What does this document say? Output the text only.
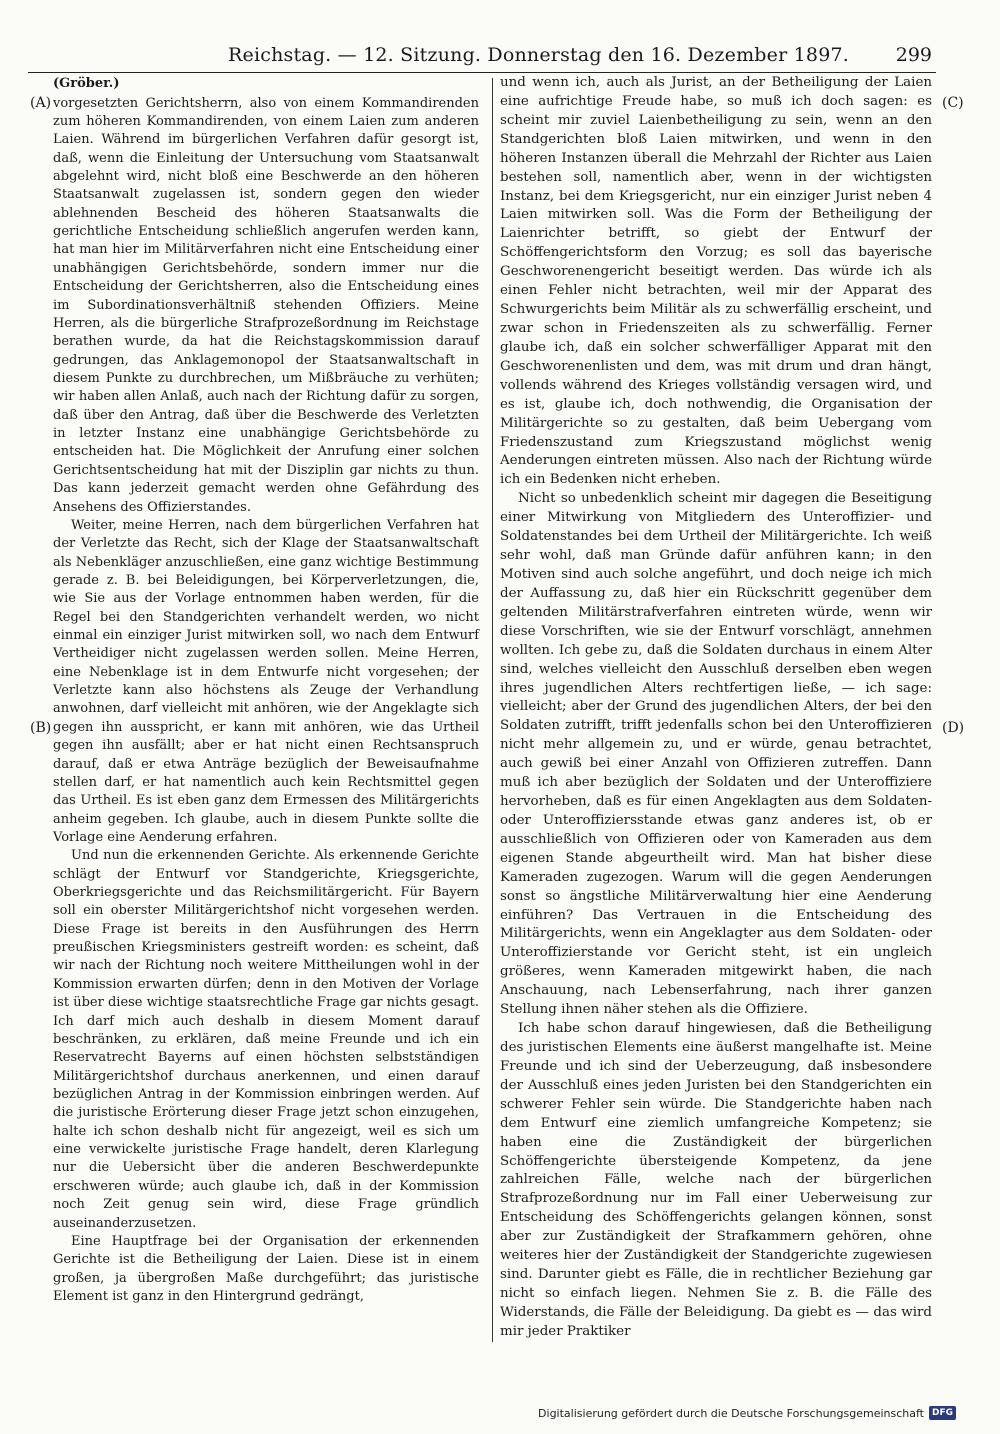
Reichstag. — 12. Sitzung. Donnerstag den 16. Dezember 1897. 299
(A)
(B)
(C)
(D)
(Gröber.)

vorgesetzten Gerichtsherrn, also von einem Kommandirenden zum höheren Kommandirenden, von einem Laien zum anderen Laien. Während im bürgerlichen Verfahren dafür gesorgt ist, daß, wenn die Einleitung der Untersuchung vom Staatsanwalt abgelehnt wird, nicht bloß eine Beschwerde an den höheren Staatsanwalt zugelassen ist, sondern gegen den wieder ablehnenden Bescheid des höheren Staatsanwalts die gerichtliche Entscheidung schließlich angerufen werden kann, hat man hier im Militärverfahren nicht eine Entscheidung einer unabhängigen Gerichtsbehörde, sondern immer nur die Entscheidung der Gerichtsherren, also die Entscheidung eines im Subordinationsverhältniß stehenden Offiziers. Meine Herren, als die bürgerliche Strafprozeßordnung im Reichstage berathen wurde, da hat die Reichstagskommission darauf gedrungen, das Anklagemonopol der Staatsanwaltschaft in diesem Punkte zu durchbrechen, um Mißbräuche zu verhüten; wir haben allen Anlaß, auch nach der Richtung dafür zu sorgen, daß über den Antrag, daß über die Beschwerde des Verletzten in letzter Instanz eine unabhängige Gerichtsbehörde zu entscheiden hat. Die Möglichkeit der Anrufung einer solchen Gerichtsentscheidung hat mit der Disziplin gar nichts zu thun. Das kann jederzeit gemacht werden ohne Gefährdung des Ansehens des Offizierstandes.

Weiter, meine Herren, nach dem bürgerlichen Verfahren hat der Verletzte das Recht, sich der Klage der Staatsanwaltschaft als Nebenkläger anzuschließen, eine ganz wichtige Bestimmung gerade z. B. bei Beleidigungen, bei Körperverletzungen, die, wie Sie aus der Vorlage entnommen haben werden, für die Regel bei den Standgerichten verhandelt werden, wo nicht einmal ein einziger Jurist mitwirken soll, wo nach dem Entwurf Vertheidiger nicht zugelassen werden sollen. Meine Herren, eine Nebenklage ist in dem Entwurfe nicht vorgesehen; der Verletzte kann also höchstens als Zeuge der Verhandlung anwohnen, darf vielleicht mit anhören, wie der Angeklagte sich gegen ihn ausspricht, er kann mit anhören, wie das Urtheil gegen ihn ausfällt; aber er hat nicht einen Rechtsanspruch darauf, daß er etwa Anträge bezüglich der Beweisaufnahme stellen darf, er hat namentlich auch kein Rechtsmittel gegen das Urtheil. Es ist eben ganz dem Ermessen des Militärgerichts anheim gegeben. Ich glaube, auch in diesem Punkte sollte die Vorlage eine Aenderung erfahren.

Und nun die erkennenden Gerichte. Als erkennende Gerichte schlägt der Entwurf vor Standgerichte, Kriegsgerichte, Oberkriegsgerichte und das Reichsmilitärgericht. Für Bayern soll ein oberster Militärgerichtshof nicht vorgesehen werden. Diese Frage ist bereits in den Ausführungen des Herrn preußischen Kriegsministers gestreift worden: es scheint, daß wir nach der Richtung noch weitere Mittheilungen wohl in der Kommission erwarten dürfen; denn in den Motiven der Vorlage ist über diese wichtige staatsrechtliche Frage gar nichts gesagt. Ich darf mich auch deshalb in diesem Moment darauf beschränken, zu erklären, daß meine Freunde und ich ein Reservatrecht Bayerns auf einen höchsten selbstständigen Militärgerichtshof durchaus anerkennen, und einen darauf bezüglichen Antrag in der Kommission einbringen werden. Auf die juristische Erörterung dieser Frage jetzt schon einzugehen, halte ich schon deshalb nicht für angezeigt, weil es sich um eine verwickelte juristische Frage handelt, deren Klarlegung nur die Uebersicht über die anderen Beschwerdepunkte erschweren würde; auch glaube ich, daß in der Kommission noch Zeit genug sein wird, diese Frage gründlich auseinanderzusetzen.

Eine Hauptfrage bei der Organisation der erkennenden Gerichte ist die Betheiligung der Laien. Diese ist in einem großen, ja übergroßen Maße durchgeführt; das juristische Element ist ganz in den Hintergrund gedrängt,

und wenn ich, auch als Jurist, an der Betheiligung der Laien eine aufrichtige Freude habe, so muß ich doch sagen: es scheint mir zuviel Laienbetheiligung zu sein, wenn an den Standgerichten bloß Laien mitwirken, und wenn in den höheren Instanzen überall die Mehrzahl der Richter aus Laien bestehen soll, namentlich aber, wenn in der wichtigsten Instanz, bei dem Kriegsgericht, nur ein einziger Jurist neben 4 Laien mitwirken soll. Was die Form der Betheiligung der Laienrichter betrifft, so giebt der Entwurf der Schöffengerichtsform den Vorzug; es soll das bayerische Geschworenengericht beseitigt werden. Das würde ich als einen Fehler nicht betrachten, weil mir der Apparat des Schwurgerichts beim Militär als zu schwerfällig erscheint, und zwar schon in Friedenszeiten als zu schwerfällig. Ferner glaube ich, daß ein solcher schwerfälliger Apparat mit den Geschworenenlisten und dem, was mit drum und dran hängt, vollends während des Krieges vollständig versagen wird, und es ist, glaube ich, doch nothwendig, die Organisation der Militärgerichte so zu gestalten, daß beim Uebergang vom Friedenszustand zum Kriegszustand möglichst wenig Aenderungen eintreten müssen. Also nach der Richtung würde ich ein Bedenken nicht erheben.

Nicht so unbedenklich scheint mir dagegen die Beseitigung einer Mitwirkung von Mitgliedern des Unteroffizier- und Soldatenstandes bei dem Urtheil der Militärgerichte. Ich weiß sehr wohl, daß man Gründe dafür anführen kann; in den Motiven sind auch solche angeführt, und doch neige ich mich der Auffassung zu, daß hier ein Rückschritt gegenüber dem geltenden Militärstrafverfahren eintreten würde, wenn wir diese Vorschriften, wie sie der Entwurf vorschlägt, annehmen wollten. Ich gebe zu, daß die Soldaten durchaus in einem Alter sind, welches vielleicht den Ausschluß derselben eben wegen ihres jugendlichen Alters rechtfertigen ließe, — ich sage: vielleicht; aber der Grund des jugendlichen Alters, der bei den Soldaten zutrifft, trifft jedenfalls schon bei den Unteroffizieren nicht mehr allgemein zu, und er würde, genau betrachtet, auch gewiß bei einer Anzahl von Offizieren zutreffen. Dann muß ich aber bezüglich der Soldaten und der Unteroffiziere hervorheben, daß es für einen Angeklagten aus dem Soldaten- oder Unteroffiziersstande etwas ganz anderes ist, ob er ausschließlich von Offizieren oder von Kameraden aus dem eigenen Stande abgeurtheilt wird. Man hat bisher diese Kameraden zugezogen. Warum will die gegen Aenderungen sonst so ängstliche Militärverwaltung hier eine Aenderung einführen? Das Vertrauen in die Entscheidung des Militärgerichts, wenn ein Angeklagter aus dem Soldaten- oder Unteroffizierstande vor Gericht steht, ist ein ungleich größeres, wenn Kameraden mitgewirkt haben, die nach Anschauung, nach Lebenserfahrung, nach ihrer ganzen Stellung ihnen näher stehen als die Offiziere.

Ich habe schon darauf hingewiesen, daß die Betheiligung des juristischen Elements eine äußerst mangelhafte ist. Meine Freunde und ich sind der Ueberzeugung, daß insbesondere der Ausschluß eines jeden Juristen bei den Standgerichten ein schwerer Fehler sein würde. Die Standgerichte haben nach dem Entwurf eine ziemlich umfangreiche Kompetenz; sie haben eine die Zuständigkeit der bürgerlichen Schöffengerichte übersteigende Kompetenz, da jene zahlreichen Fälle, welche nach der bürgerlichen Strafprozeßordnung nur im Fall einer Ueberweisung zur Entscheidung des Schöffengerichts gelangen können, sonst aber zur Zuständigkeit der Strafkammern gehören, ohne weiteres hier der Zuständigkeit der Standgerichte zugewiesen sind. Darunter giebt es Fälle, die in rechtlicher Beziehung gar nicht so einfach liegen. Nehmen Sie z. B. die Fälle des Widerstands, die Fälle der Beleidigung. Da giebt es — das wird mir jeder Praktiker

Digitalisierung gefördert durch die Deutsche Forschungsgemeinschaft DFG
